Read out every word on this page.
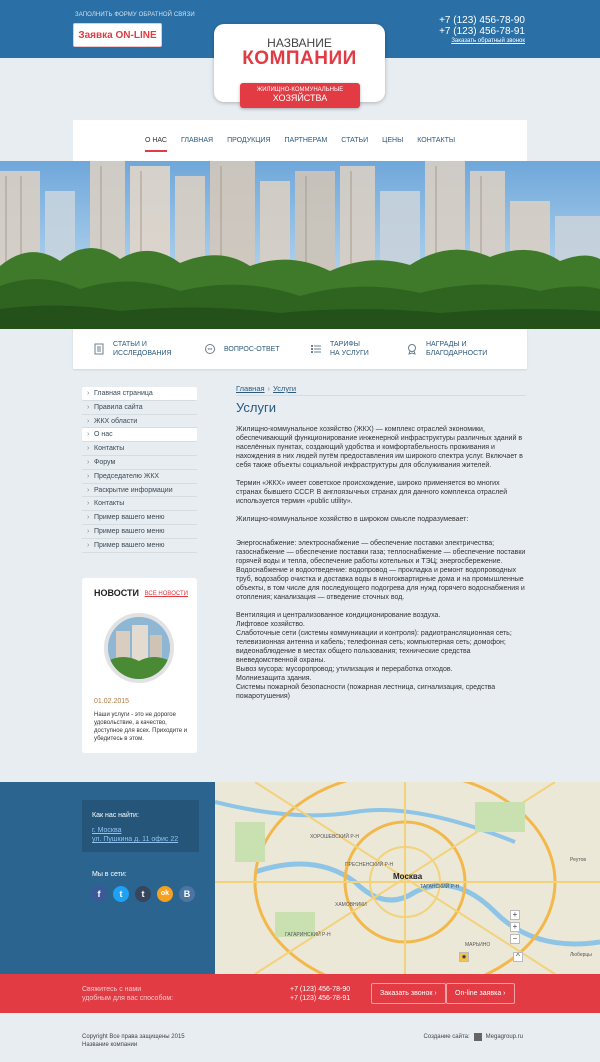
ЗАПОЛНИТЬ ФОРМУ ОБРАТНОЙ СВЯЗИ
Заявка ON-LINE
+7 (123) 456-78-90
+7 (123) 456-78-91
Заказать обратный звонок
НАЗВАНИЕ
КОМПАНИИ
ЖИЛИЩНО-КОММУНАЛЬНЫЕ
ХОЗЯЙСТВА
О НАС ГЛАВНАЯ ПРОДУКЦИЯ ПАРТНЕРАМ СТАТЬИ ЦЕНЫ КОНТАКТЫ
СТАТЬИ И
ИССЛЕДОВАНИЯ
ВОПРОС-ОТВЕТ
ТАРИФЫ
НА УСЛУГИ
НАГРАДЫ И
БЛАГОДАРНОСТИ
› Главная страница
› Правила сайта
› ЖКХ области
› О нас
› Контакты
› Форум
› Председателю ЖКХ
› Раскрытие информации
› Контакты
› Пример вашего меню
› Пример вашего меню
› Пример вашего меню
НОВОСТИ ВСЕ НОВОСТИ
01.02.2015
Наши услуги - это не дорогое удовольствие, а качество, доступное для всех. Приходите и убедитесь в этом.
Главная › Услуги
Услуги

Жилищно-коммунальное хозяйство (ЖКХ) — комплекс отраслей экономики, обеспечивающий функционирование инженерной инфраструктуры различных зданий в населённых пунктах, создающий удобства и комфортабельность проживания и нахождения в них людей путём предоставления им широкого спектра услуг. Включает в себя также объекты социальной инфраструктуры для обслуживания жителей.

Термин «ЖКХ» имеет советское происхождение, широко применяется во многих странах бывшего СССР. В англоязычных странах для данного комплекса отраслей используется термин «public utility».

Жилищно-коммунальное хозяйство в широком смысле подразумевает:

Энергоснабжение: электроснабжение — обеспечение поставки электричества; газоснабжение — обеспечение поставки газа; теплоснабжение — обеспечение поставки горячей воды и тепла, обеспечение работы котельных и ТЭЦ; энергосбережение.
Водоснабжение и водоотведение: водопровод — прокладка и ремонт водопроводных труб, водозабор очистка и доставка воды в многоквартирные дома и на промышленные объекты, в том числе для последующего подогрева для нужд горячего водоснабжения и отопления; канализация — отведение сточных вод.

Вентиляция и централизованное кондиционирование воздуха.
Лифтовое хозяйство.
Слаботочные сети (системы коммуникации и контроля): радиотрансляционная сеть; телевизионная антенна и кабель; телефонная сеть; компьютерная сеть; домофон; видеонаблюдение в местах общего пользования; технические средства вневедомственной охраны.
Вывоз мусора: мусоропровод; утилизация и переработка отходов.
Молниезащита здания.
Системы пожарной безопасности (пожарная лестница, сигнализация, средства пожаротушения)

Как нас найти:
г. Москва
ул. Пушкина д. 11 офис 22
Мы в сети:
f	t	t	ok	B
ХОРОШЕВСКИЙ Р-Н
ТАГАНСКИЙ Р-Н
ХАМОВНИКИ
ГАГАРИНСКИЙ Р-Н
МАРЬИНО
ПРЕСНЕНСКИЙ Р-Н
Реутов
Люберцы
Москва
+
+
−
●	^
Свяжитесь с нами
удобным для вас способом:
+7 (123) 456-78-90
+7 (123) 456-78-91
Заказать звонок ›	On-line заявка ›
Copyright Все права защищены 2015
Название компании
Создание сайта:	Megagroup.ru
